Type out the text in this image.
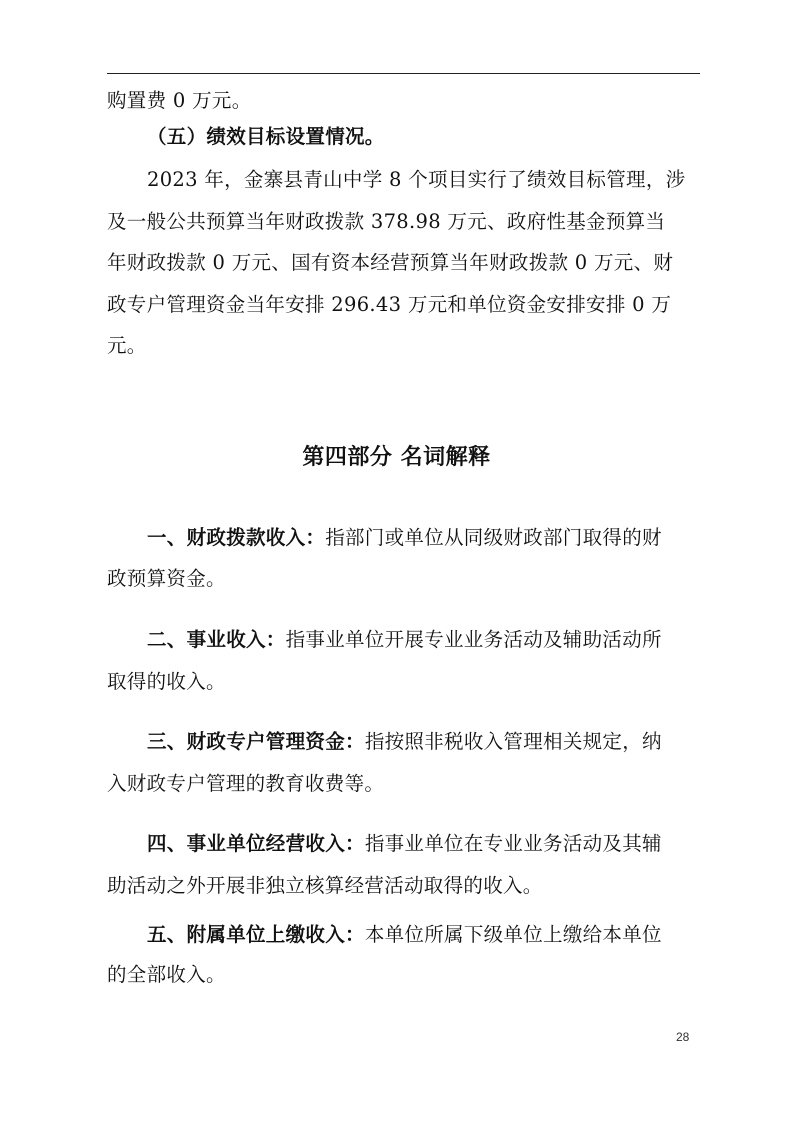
购置费 0 万元。
（五）绩效目标设置情况。
2023 年，金寨县青山中学 8 个项目实行了绩效目标管理，涉
及一般公共预算当年财政拨款 378.98 万元、政府性基金预算当
年财政拨款 0 万元、国有资本经营预算当年财政拨款 0 万元、财
政专户管理资金当年安排 296.43 万元和单位资金安排安排 0 万
元。
第四部分 名词解释
一、财政拨款收入：指部门或单位从同级财政部门取得的财
政预算资金。
二、事业收入：指事业单位开展专业业务活动及辅助活动所
取得的收入。
三、财政专户管理资金：指按照非税收入管理相关规定，纳
入财政专户管理的教育收费等。
四、事业单位经营收入：指事业单位在专业业务活动及其辅
助活动之外开展非独立核算经营活动取得的收入。
五、附属单位上缴收入：本单位所属下级单位上缴给本单位
的全部收入。
28
